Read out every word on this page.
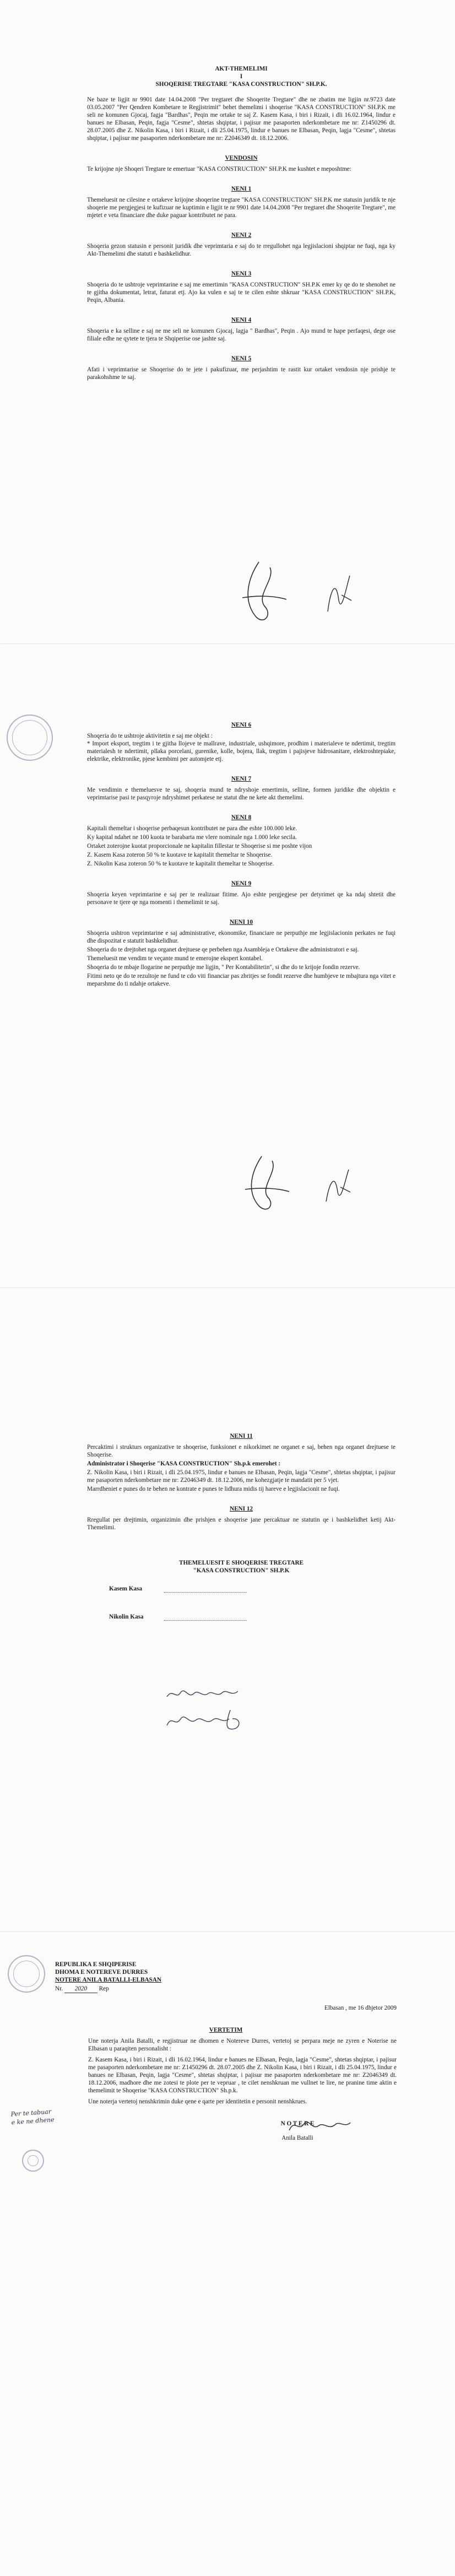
AKT-THEMELIMI
I
SHOQERISE TREGTARE "KASA CONSTRUCTION" SH.P.K.

Ne baze te ligjit nr 9901 date 14.04.2008 "Per tregtaret dhe Shoqerite Tregtare" dhe ne zbatim me ligjin nr.9723 date 03.05.2007 "Per Qendren Kombetare te Regjistrimit" behet themelimi i shoqerise "KASA CONSTRUCTION" SH.P.K me seli ne komunen Gjocaj, fagja "Bardhas", Peqin me ortake te saj Z. Kasem Kasa, i biri i Rizait, i dli 16.02.1964, lindur e banues ne Elbasan, Peqin, fagja "Cesme", shtetas shqiptar, i pajisur me pasaporten nderkombetare me nr: Z1450296 dt. 28.07.2005 dhe Z. Nikolin Kasa, i biri i Rizait, i dli 25.04.1975, lindur e banues ne Elbasan, Peqin, lagja "Cesme", shtetas shqiptar, i pajisur me pasaporten nderkombetare me nr: Z2046349 dt. 18.12.2006.

VENDOSIN

Te krijojne nje Shoqeri Tregtare te emertuar "KASA CONSTRUCTION" SH.P.K me kushtet e meposhtme:

NENI 1

Themeluesit ne cilesine e ortakeve krijojne shoqerine tregtare "KASA CONSTRUCTION" SH.P.K me statusin juridik te nje shoqerie me pergjegjesi te kufizuar ne kuptimin e ligjit te nr 9901 date 14.04.2008 "Per tregtaret dhe Shoqerite Tregtare", me mjetet e veta financiare dhe duke paguar kontributet ne para.

NENI 2

Shoqeria gezon statusin e personit juridik dhe veprimtaria e saj do te rregullohet nga legjislacioni shqiptar ne fuqi, nga ky Akt-Themelimi dhe statuti e bashkelidhur.

NENI 3

Shoqeria do te ushtroje veprimtarine e saj me emertimin "KASA CONSTRUCTION" SH.P.K emer ky qe do te shenohet ne te gjitha dokumentat, letrat, faturat etj. Ajo ka vulen e saj te te cilen eshte shkruar "KASA CONSTRUCTION" SH.P.K, Peqin, Albania.

NENI 4

Shoqeria e ka selline e saj ne me seli ne komunen Gjocaj, lagja " Bardhas", Peqin . Ajo mund te hape perfaqesi, dege ose filiale edhe ne qytete te tjera te Shqiperise ose jashte saj.

NENI 5

Afati i veprimtarise se Shoqerise do te jete i pakufizuar, me perjashtim te rastit kur ortaket vendosin nje prishje te parakohshme te saj.

NENI 6

Shoqeria do te ushtroje aktivitetin e saj me objekt :
* Import eksport, tregtim i te gjitha llojeve te mallrave, industriale, ushqimore, prodhim i materialeve te ndertimit, tregtim materialesh te ndertimit, pllaka porcelani, gurenike, kolle, bojera, llak, tregtim i pajisjeve hidrosanitare, elektroshtepiake, elektrike, elektronike, pjese kembimi per automjete etj.

NENI 7

Me vendimin e themeluesve te saj, shoqeria mund te ndryshoje emertimin, selline, formen juridike dhe objektin e veprimtarise pasi te pasqyroje ndryshimet perkatese ne statut dhe ne kete akt themelimi.

NENI 8

Kapitali themeltar i shoqerise perbaqesun kontributet ne para dhe eshte 100.000 leke.

Ky kapital ndahet ne 100 kuota te barabarta me vlere nominale nga 1.000 leke secila.

Ortaket zoterojne kuotat proporcionale ne kapitalin fillestar te Shoqerise si me poshte vijon

Z. Kasem Kasa zoteron 50 % te kuotave te kapitalit themeltar te Shoqerise.

Z. Nikolin Kasa zoteron 50 % te kuotave te kapitalit themeltar te Shoqerise.

NENI 9

Shoqeria keyen veprimtarine e saj per te realizuar fitime. Ajo eshte pergjegjese per detyrimet qe ka ndaj shtetit dhe personave te tjere qe nga momenti i themelimit te saj.

NENI 10

Shoqeria ushtron veprimtarine e saj administrative, ekonomike, financiare ne perputhje me legjislacionin perkates ne fuqi dhe dispozitat e statutit bashkelidhur.

Shoqeria do te drejtohet nga organet drejtuese qe perbehen nga Asambleja e Ortakeve dhe administratori e saj.

Themeluesit me vendim te veçante mund te emerojne ekspert kontabel.

Shoqeria do te mbaje llogarine ne perputhje me ligjin, " Per Kontabilitetin", si dhe do te krijoje fondin rezerve.

Fitimi neto qe do te rezultoje ne fund te cdo viti financiar pas zbritjes se fondit rezerve dhe humbjeve te mbajtura nga vitet e meparshme do ti ndahje ortakeve.

NENI 11

Percaktimi i strukturs organizative te shoqerise, funksionet e nikorkimet ne organet e saj, behen nga organet drejtuese te Shoqerise.

Administrator i Shoqerise "KASA CONSTRUCTION" Sh.p.k emerohet :

Z. Nikolin Kasa, i biri i Rizait, i dli 25.04.1975, lindur e banues ne Elbasan, Peqin, lagja "Cesme", shtetas shqiptar, i pajisur me pasaporten nderkombetare me nr: Z2046349 dt. 18.12.2006, me kohezgjatje te mandatit per 5 vjet.

Marrdheniet e punes do te behen ne kontrate e punes te lidhura midis tij hareve e legjislacionit ne fuqi.

NENI 12

Rregullat per drejtimin, organizimin dhe prishjen e shoqerise jane percaktuar ne statutin qe i bashkelidhet ketij Akt-Themelimi.

THEMELUESIT E SHOQERISE TREGTARE
"KASA CONSTRUCTION" SH.P.K
Kasem Kasa
Nikolin Kasa
REPUBLIKA E SHQIPERISE
DHOMA E NOTEREVE DURRES
NOTERE ANILA BATALLI-ELBASAN
Nr. 2020 Rep
Elbasan , me 16 dhjetor 2009
VERTETIM

Une noterja Anila Batalli, e regjistruar ne dhomen e Notereve Durres, vertetoj se perpara meje ne zyren e Noterise ne Elbasan u paraqiten personalisht :

Z. Kasem Kasa, i biri i Rizait, i dli 16.02.1964, lindur e banues ne Elbasan, Peqin, lagja "Cesme", shtetas shqiptar, i pajisur me pasaporten nderkombetare me nr: Z1450296 dt. 28.07.2005 dhe Z. Nikolin Kasa, i biri i Rizait, i dli 25.04.1975, lindur e banues ne Elbasan, Peqin, lagja "Cesme", shtetas shqiptar, i pajisur me pasaporten nderkombetare me nr: Z2046349 dt. 18.12.2006, madhore dhe me zotesi te plote per te vepruar , te cilet nenshkruan me vullnet te lire, ne pranine time aktin e themelimit te Shoqerise "KASA CONSTRUCTION" Sh.p.k.

Une noterja vertetoj nenshkrimin duke qene e qarte per identitetin e personit nenshkrues.

N O T E R E
Anila Batalli
Per te tabuar
e ke ne dhene
